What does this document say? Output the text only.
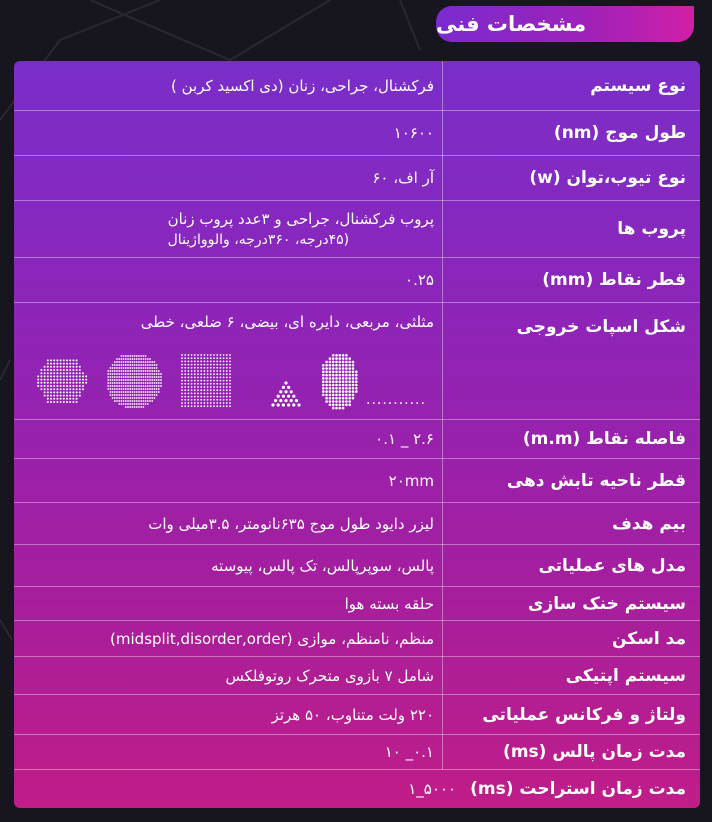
مشخصات فنی
نوع سیستم
فرکشنال، جراحی، زنان (دی اکسید کربن )
طول موج (nm)
۱۰۶۰۰
نوع تیوب،توان (w)
آر اف، ۶۰
پروب ها
پروب فرکشنال، جراحی و ۳عدد پروب زنان
(۴۵درجه، ۳۶۰درجه، والوواژینال
قطر نقاط (mm)
۰.۲۵
شکل اسپات خروجی
مثلثی، مربعی، دایره ای، بیضی، ۶ ضلعی، خطی
فاصله نقاط (m.m)
۲.۶ _ ۰.۱
قطر ناحیه تابش دهی
۲۰mm
بیم هدف
لیزر دایود طول موج ۶۳۵نانومتر، ۳.۵میلی وات
مدل های عملیاتی
پالس، سوپرپالس، تک پالس، پیوسته
سیستم خنک سازی
حلقه بسته هوا
مد اسکن
منظم، نامنظم، موازی (midsplit,disorder,order)
سیستم اپتیکی
شامل ۷ بازوی متحرک روتوفلکس
ولتاژ و فرکانس عملیاتی
۲۲۰ ولت متناوب، ۵۰ هرتز
مدت زمان پالس (ms)
۰.۱_ ۱۰
مدت زمان استراحت (ms)
۵۰۰۰_۱
...........
